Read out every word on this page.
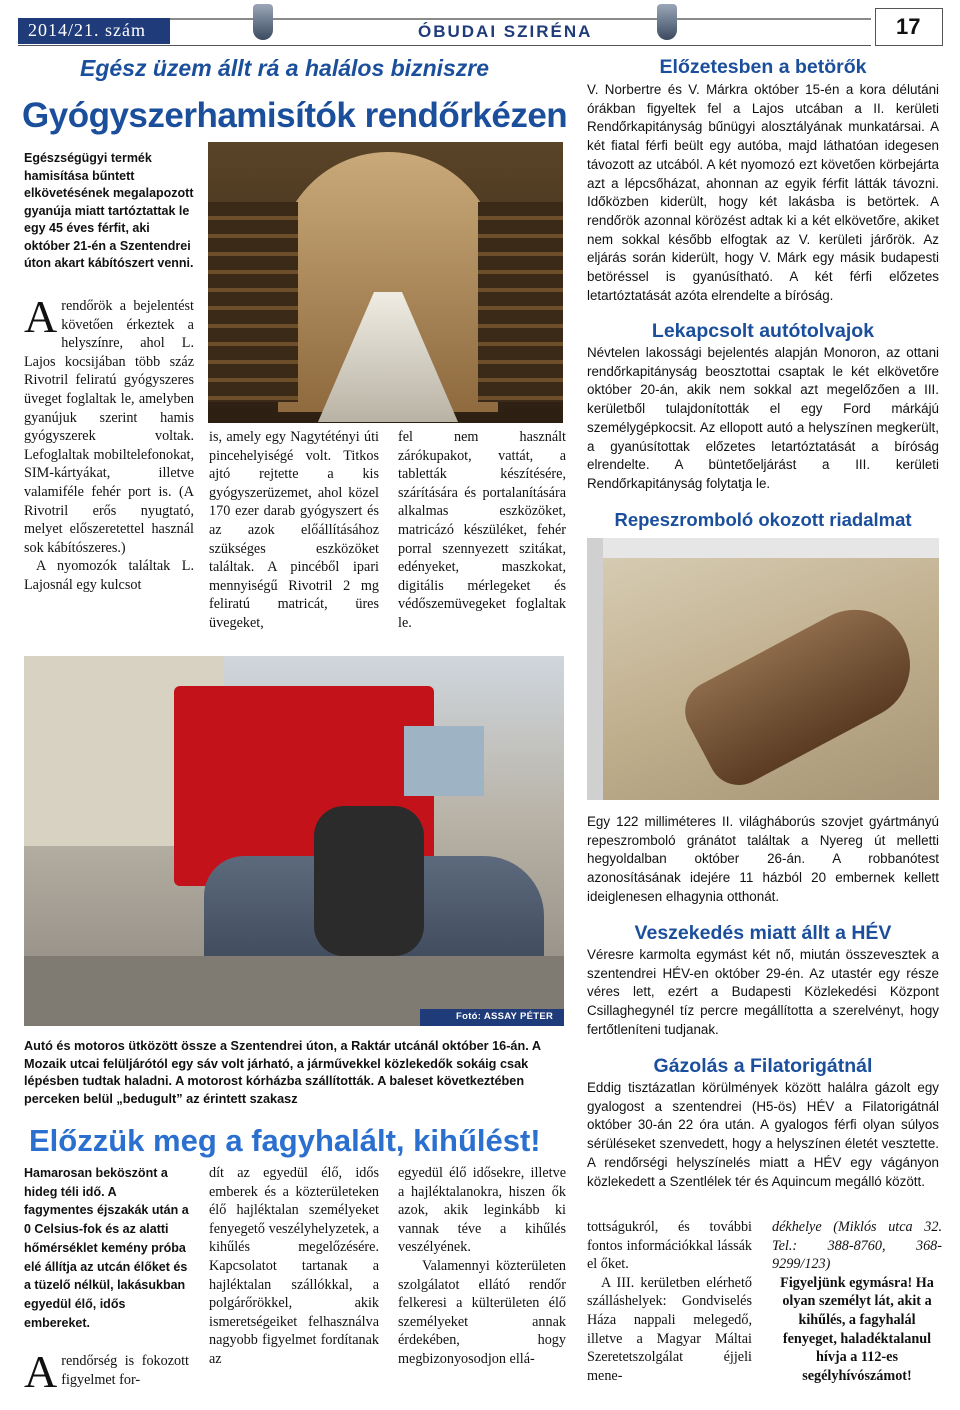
2014/21. szám	ÓBUDAI SZIRÉNA	17
Egész üzem állt rá a halálos bizniszre
Gyógyszerhamisítók rendőrkézen

Egészségügyi termék hamisítása bűntett elkövetésének megalapozott gyanúja miatt tartóztattak le egy 45 éves férfit, aki október 21-én a Szentendrei úton akart kábítószert venni.

A rendőrök a bejelentést követően érkeztek a helyszínre, ahol L. Lajos kocsijában több száz Rivotril feliratú gyógyszeres üveget foglaltak le, amelyben gyanújuk szerint hamis gyógyszerek voltak. Lefoglaltak mobiltelefonokat, SIM-kártyákat, illetve valamiféle fehér port is. (A Rivotril erős nyugtató, melyet előszeretettel használ sok kábítószeres.)

A nyomozók találtak L. Lajosnál egy kulcsot

is, amely egy Nagytétényi úti pincehelyiségé volt. Titkos ajtó rejtette a kis gyógyszerüzemet, ahol közel 170 ezer darab gyógyszert és az azok előállításához szükséges eszközöket találtak. A pincéből ipari mennyiségű Rivotril 2 mg feliratú matricát, üres üvegeket,

fel nem használt zárókupakot, vattát, a tabletták készítésére, szárítására és portalanítására alkalmas eszközöket, matricázó készüléket, fehér porral szennyezett szitákat, edényeket, maszkokat, digitális mérlegeket és védőszemüvegeket foglaltak le.

Fotó: ASSAY PÉTER

Autó és motoros ütközött össze a Szentendrei úton, a Raktár utcánál október 16-án. A Mozaik utcai felüljárótól egy sáv volt járható, a járművekkel közlekedők sokáig csak lépésben tudtak haladni. A motorost kórházba szállították. A baleset következtében perceken belül „bedugult” az érintett szakasz

Előzzük meg a fagyhalált, kihűlést!

Hamarosan beköszönt a hideg téli idő. A fagymentes éjszakák után a 0 Celsius-fok és az alatti hőmérséklet kemény próba elé állítja az utcán élőket és a tüzelő nélkül, lakásukban egyedül élő, idős embereket.

A rendőrség is fokozott figyelmet for-

dít az egyedül élő, idős emberek és a közterületeken élő hajléktalan személyeket fenyegető veszélyhelyzetek, a kihűlés megelőzésére. Kapcsolatot tartanak a hajléktalan szállókkal, a polgárőrökkel, akik ismeretségeiket felhasználva nagyobb figyelmet fordítanak az

egyedül élő idősekre, illetve a hajléktalanokra, hiszen ők azok, akik leginkább ki vannak téve a kihűlés veszélyének.

Valamennyi közterületen szolgálatot ellátó rendőr felkeresi a külterületen élő személyeket annak érdekében, hogy megbizonyosodjon ellá-

tottságukról, és további fontos információkkal lássák el őket.

A III. kerületben elérhető szálláshelyek: Gondviselés Háza nappali melegedő, illetve a Magyar Máltai Szeretetszolgálat éjjeli mene-

dékhelye (Miklós utca 32. Tel.: 388-8760, 368-9299/123)

Figyeljünk egymásra! Ha olyan személyt lát, akit a kihűlés, a fagyhalál fenyeget, haladéktalanul hívja a 112-es segélyhívószámot!

Előzetesben a betörők

V. Norbertre és V. Márkra október 15-én a kora délutáni órákban figyeltek fel a Lajos utcában a II. kerületi Rendőrkapitányság bűnügyi alosztályának munkatársai. A két fiatal férfi beült egy autóba, majd láthatóan idegesen távozott az utcából. A két nyomozó ezt követően körbejárta azt a lépcsőházat, ahonnan az egyik férfit látták távozni. Időközben kiderült, hogy két lakásba is betörtek. A rendőrök azonnal körözést adtak ki a két elkövetőre, akiket nem sokkal később elfogtak az V. kerületi járőrök. Az eljárás során kiderült, hogy V. Márk egy másik budapesti betöréssel is gyanúsítható. A két férfi előzetes letartóztatását azóta elrendelte a bíróság.

Lekapcsolt autótolvajok

Névtelen lakossági bejelentés alapján Monoron, az ottani rendőrkapitányság beosztottai csaptak le két elkövetőre október 20-án, akik nem sokkal azt megelőzően a III. kerületből tulajdonították el egy Ford márkájú személygépkocsit. Az ellopott autó a helyszínen megkerült, a gyanúsítottak előzetes letartóztatását a bíróság elrendelte. A büntetőeljárást a III. kerületi Rendőrkapitányság folytatja le.

Repeszromboló okozott riadalmat

Egy 122 milliméteres II. világháborús szovjet gyártmányú repeszromboló gránátot találtak a Nyereg út melletti hegyoldalban október 26-án. A robbanótest azonosításának idejére 11 házból 20 embernek kellett ideiglenesen elhagynia otthonát.

Veszekedés miatt állt a HÉV

Véresre karmolta egymást két nő, miután összevesztek a szentendrei HÉV-en október 29-én. Az utastér egy része véres lett, ezért a Budapesti Közlekedési Központ Csillaghegynél tíz percre megállította a szerelvényt, hogy fertőtleníteni tudjanak.

Gázolás a Filatorigátnál

Eddig tisztázatlan körülmények között halálra gázolt egy gyalogost a szentendrei (H5-ös) HÉV a Filatorigátnál október 30-án 22 óra után. A gyalogos férfi olyan súlyos sérüléseket szenvedett, hogy a helyszínen életét vesztette. A rendőrségi helyszínelés miatt a HÉV egy vágányon közlekedett a Szentlélek tér és Aquincum megálló között.
